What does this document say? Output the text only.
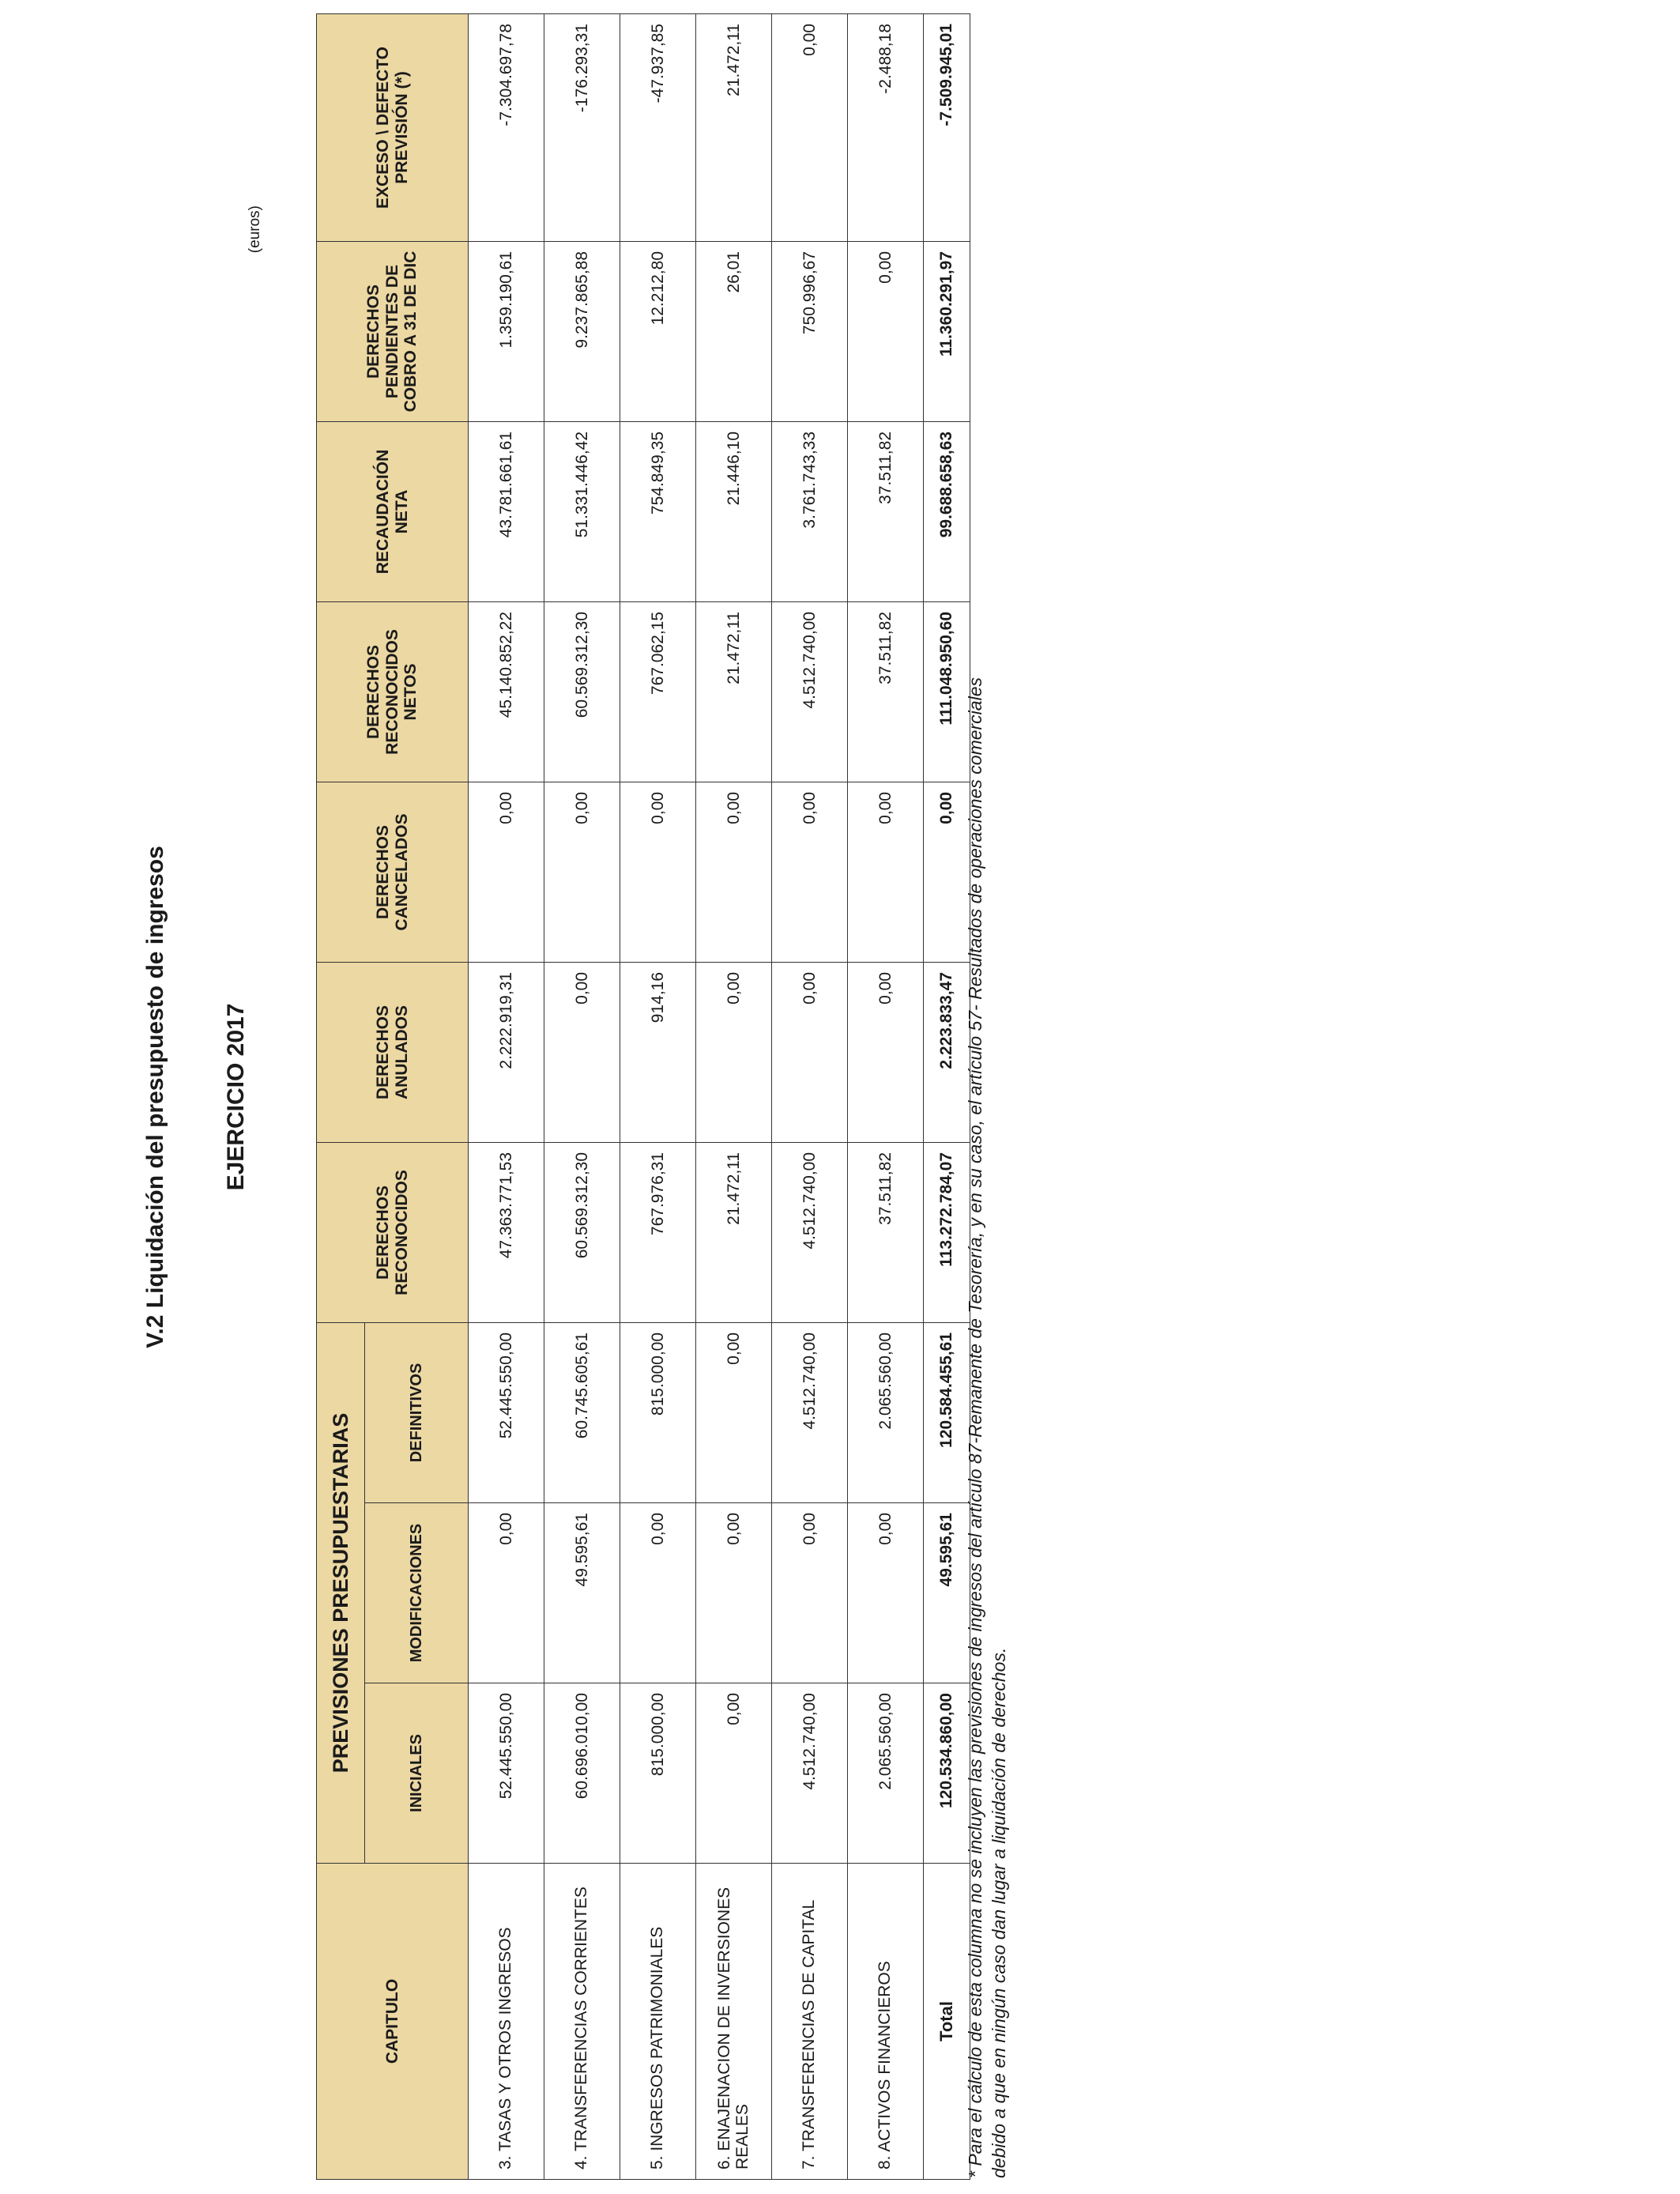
V.2 Liquidación del presupuesto de ingresos EJERCICIO 2017
(euros)
CAPITULO	PREVISIONES PRESUPUESTARIAS			DERECHOS RECONOCIDOS	DERECHOS ANULADOS	DERECHOS CANCELADOS	DERECHOS RECONOCIDOS NETOS	RECAUDACIÓN NETA	DERECHOS PENDIENTES DE COBRO A 31 DE DIC	EXCESO \ DEFECTO PREVISIÓN (*)
	INICIALES	MODIFICACIONES	DEFINITIVOS							
3. TASAS Y OTROS INGRESOS	52.445.550,00	0,00	52.445.550,00	47.363.771,53	2.222.919,31	0,00	45.140.852,22	43.781.661,61	1.359.190,61	-7.304.697,78
4. TRANSFERENCIAS CORRIENTES	60.696.010,00	49.595,61	60.745.605,61	60.569.312,30	0,00	0,00	60.569.312,30	51.331.446,42	9.237.865,88	-176.293,31
5. INGRESOS PATRIMONIALES	815.000,00	0,00	815.000,00	767.976,31	914,16	0,00	767.062,15	754.849,35	12.212,80	-47.937,85
6. ENAJENACION DE INVERSIONES REALES	0,00	0,00	0,00	21.472,11	0,00	0,00	21.472,11	21.446,10	26,01	21.472,11
7. TRANSFERENCIAS DE CAPITAL	4.512.740,00	0,00	4.512.740,00	4.512.740,00	0,00	0,00	4.512.740,00	3.761.743,33	750.996,67	0,00
8. ACTIVOS FINANCIEROS	2.065.560,00	0,00	2.065.560,00	37.511,82	0,00	0,00	37.511,82	37.511,82	0,00	-2.488,18
Total	120.534.860,00	49.595,61	120.584.455,61	113.272.784,07	2.223.833,47	0,00	111.048.950,60	99.688.658,63	11.360.291,97	-7.509.945,01
* Para el cálculo de esta columna no se incluyen las previsiones de ingresos del artículo 87-Remanente de Tesorería, y en su caso, el artículo 57- Resultados de operaciones comerciales debido a que en ningún caso dan lugar a liquidación de derechos.
